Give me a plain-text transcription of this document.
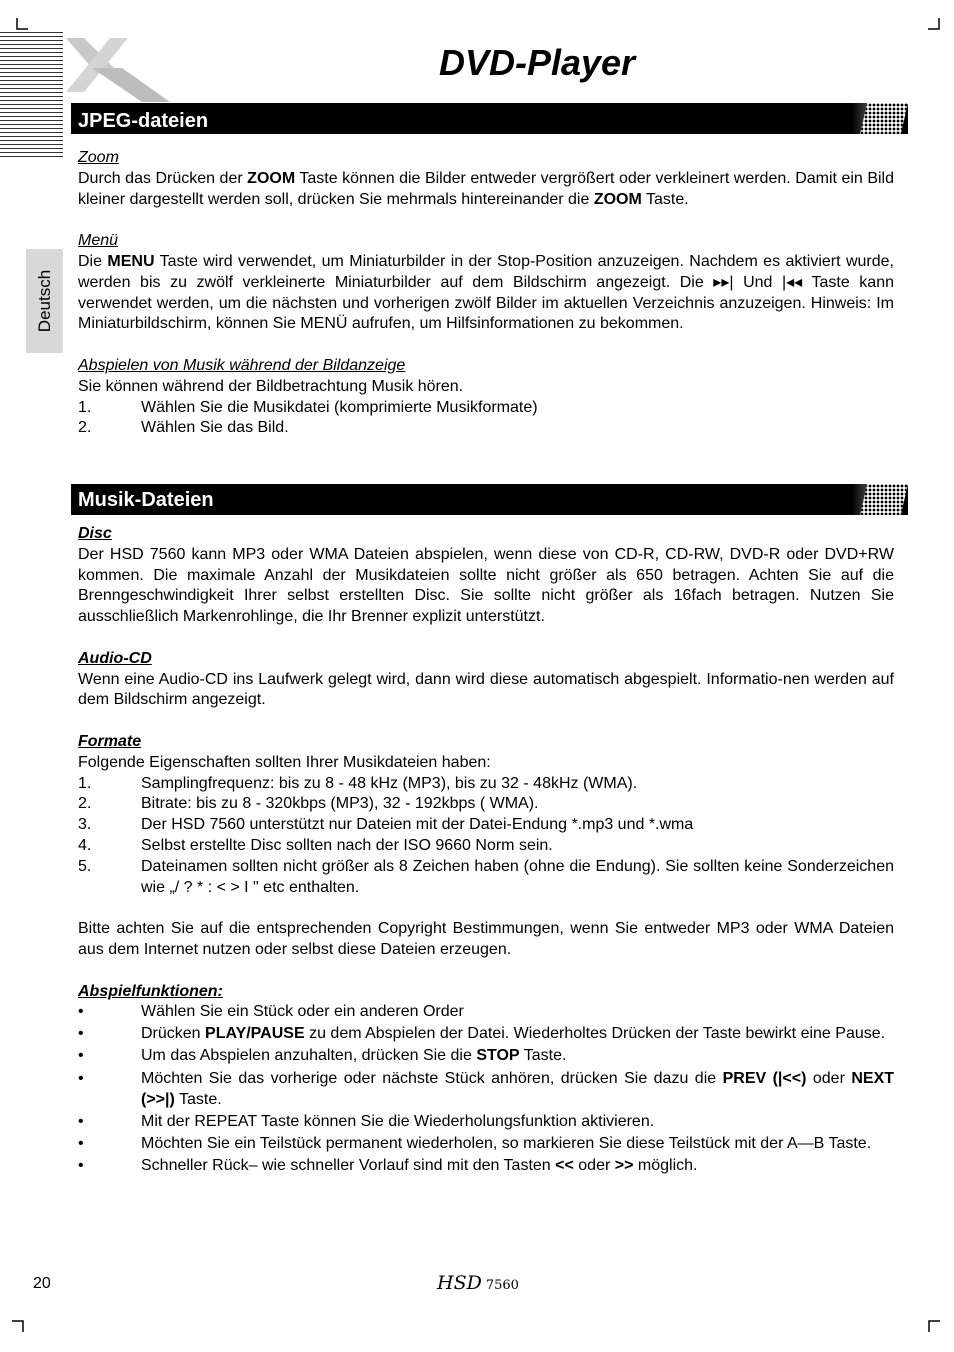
DVD-Player
Deutsch
JPEG-dateien
Zoom
Durch das Drücken der ZOOM Taste können die Bilder entweder vergrößert oder verkleinert werden. Damit ein Bild kleiner dargestellt werden soll, drücken Sie mehrmals hintereinander die ZOOM Taste.
Menü
Die MENU Taste wird verwendet, um Miniaturbilder in der Stop-Position anzuzeigen. Nachdem es aktiviert wurde, werden bis zu zwölf verkleinerte Miniaturbilder auf dem Bildschirm angezeigt. Die ▸▸| Und |◂◂ Taste kann verwendet werden, um die nächsten und vorherigen zwölf Bilder im aktuellen Verzeichnis anzuzeigen. Hinweis: Im Miniaturbildschirm, können Sie MENÜ aufrufen, um Hilfsinformationen zu bekommen.
Abspielen von Musik während der Bildanzeige
Sie können während der Bildbetrachtung Musik hören.
1.	Wählen Sie die Musikdatei (komprimierte Musikformate)
2.	Wählen Sie das Bild.
Musik-Dateien
Disc
Der HSD 7560 kann MP3 oder WMA Dateien abspielen, wenn diese von CD-R, CD-RW, DVD-R oder DVD+RW kommen. Die maximale Anzahl der Musikdateien sollte nicht größer als 650 betragen. Achten Sie auf die Brenngeschwindigkeit Ihrer selbst erstellten Disc. Sie sollte nicht größer als 16fach betragen. Nutzen Sie ausschließlich Markenrohlinge, die Ihr Brenner explizit unterstützt.
Audio-CD
Wenn eine Audio-CD ins Laufwerk gelegt wird, dann wird diese automatisch abgespielt. Informatio-nen werden auf dem Bildschirm angezeigt.
Formate
Folgende Eigenschaften sollten Ihrer Musikdateien haben:
1.	Samplingfrequenz: bis zu 8 - 48 kHz (MP3), bis zu 32 - 48kHz (WMA).
2.	Bitrate: bis zu 8 - 320kbps (MP3), 32 - 192kbps ( WMA).
3.	Der HSD 7560 unterstützt nur Dateien mit der Datei-Endung *.mp3 und *.wma
4.	Selbst erstellte Disc sollten nach der ISO 9660 Norm sein.
5.	Dateinamen sollten nicht größer als 8 Zeichen haben (ohne die Endung). Sie sollten keine Sonderzeichen wie „/ ? * : < > I " etc enthalten.
Bitte achten Sie auf die entsprechenden Copyright Bestimmungen, wenn Sie entweder MP3 oder WMA Dateien aus dem Internet nutzen oder selbst diese Dateien erzeugen.
Abspielfunktionen:
•	Wählen Sie ein Stück oder ein anderen Order
•	Drücken PLAY/PAUSE zu dem Abspielen der Datei. Wiederholtes Drücken der Taste bewirkt eine Pause.
•	Um das Abspielen anzuhalten, drücken Sie die STOP Taste.
•	Möchten Sie das vorherige oder nächste Stück anhören, drücken Sie dazu die PREV (|<<) oder NEXT (>>|) Taste.
•	Mit der REPEAT Taste können Sie die Wiederholungsfunktion aktivieren.
•	Möchten Sie ein Teilstück permanent wiederholen, so markieren Sie diese Teilstück mit der A—B Taste.
•	Schneller Rück– wie schneller Vorlauf sind mit den Tasten << oder >> möglich.
20	HSD 7560
